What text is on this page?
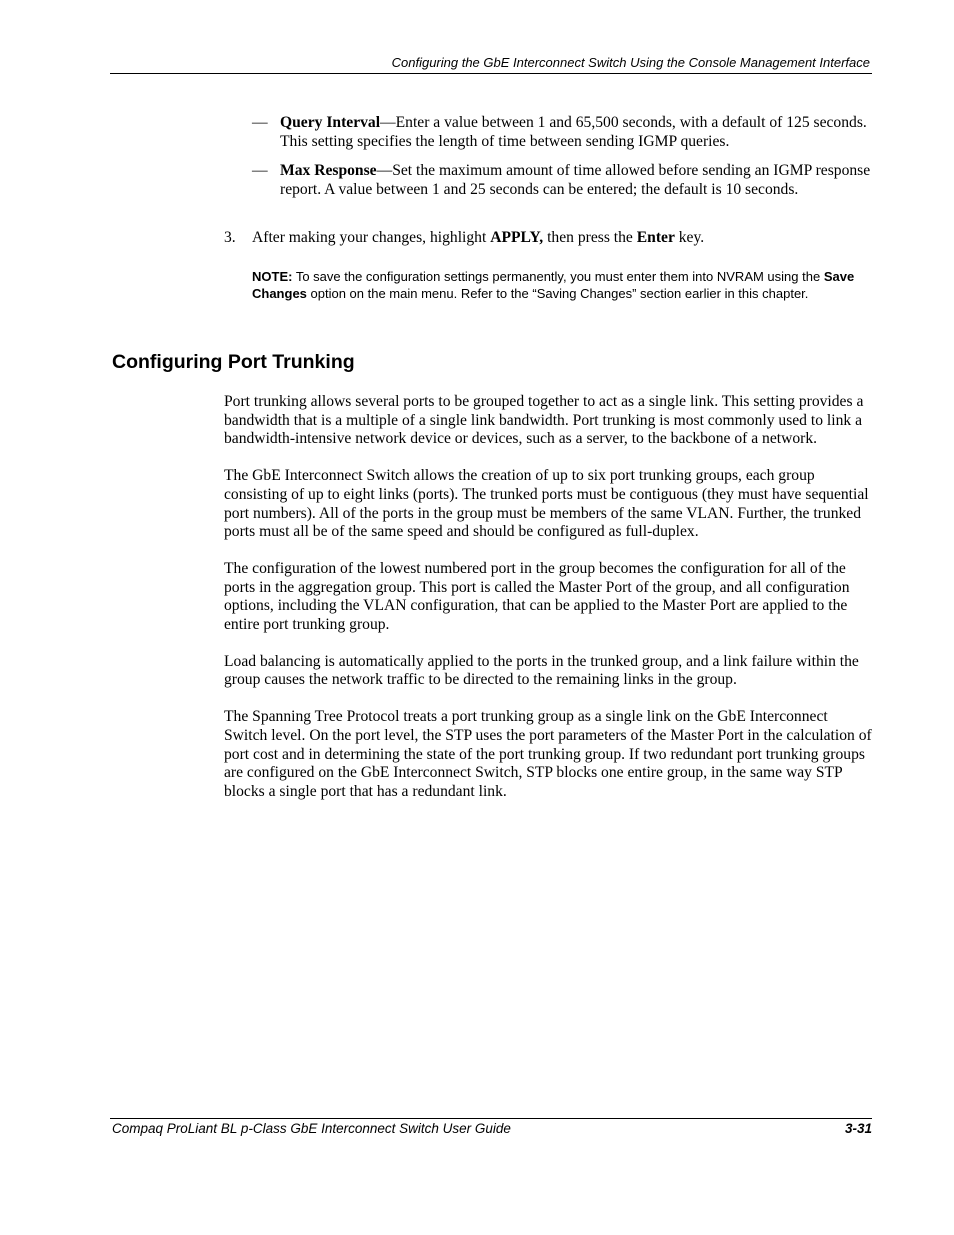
Configuring the GbE Interconnect Switch Using the Console Management Interface
— Query Interval—Enter a value between 1 and 65,500 seconds, with a default of 125 seconds. This setting specifies the length of time between sending IGMP queries.
— Max Response—Set the maximum amount of time allowed before sending an IGMP response report. A value between 1 and 25 seconds can be entered; the default is 10 seconds.
3.	After making your changes, highlight APPLY, then press the Enter key.
NOTE: To save the configuration settings permanently, you must enter them into NVRAM using the Save Changes option on the main menu. Refer to the “Saving Changes” section earlier in this chapter.
Configuring Port Trunking

Port trunking allows several ports to be grouped together to act as a single link. This setting provides a bandwidth that is a multiple of a single link bandwidth. Port trunking is most commonly used to link a bandwidth-intensive network device or devices, such as a server, to the backbone of a network.

The GbE Interconnect Switch allows the creation of up to six port trunking groups, each group consisting of up to eight links (ports). The trunked ports must be contiguous (they must have sequential port numbers). All of the ports in the group must be members of the same VLAN. Further, the trunked ports must all be of the same speed and should be configured as full-duplex.

The configuration of the lowest numbered port in the group becomes the configuration for all of the ports in the aggregation group. This port is called the Master Port of the group, and all configuration options, including the VLAN configuration, that can be applied to the Master Port are applied to the entire port trunking group.

Load balancing is automatically applied to the ports in the trunked group, and a link failure within the group causes the network traffic to be directed to the remaining links in the group.

The Spanning Tree Protocol treats a port trunking group as a single link on the GbE Interconnect Switch level. On the port level, the STP uses the port parameters of the Master Port in the calculation of port cost and in determining the state of the port trunking group. If two redundant port trunking groups are configured on the GbE Interconnect Switch, STP blocks one entire group, in the same way STP blocks a single port that has a redundant link.

Compaq ProLiant BL p-Class GbE Interconnect Switch User Guide	3-31
